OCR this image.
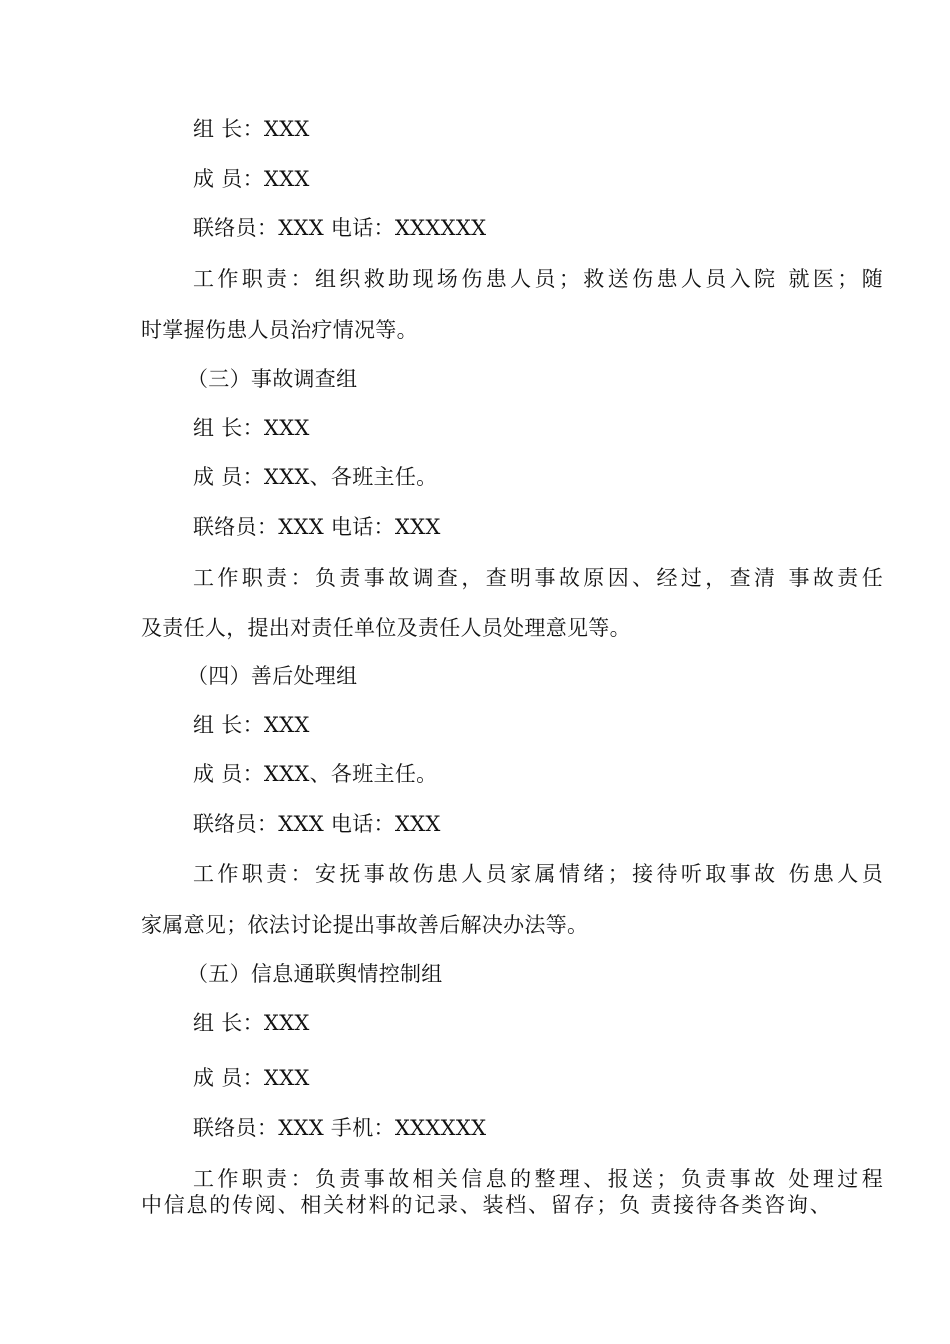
组 长：XXX
成 员：XXX
联络员：XXX 电话：XXXXXX
工作职责：组织救助现场伤患人员；救送伤患人员入院 就医；随
时掌握伤患人员治疗情况等。
（三）事故调查组
组 长：XXX
成 员：XXX、各班主任。
联络员：XXX 电话：XXX
工作职责：负责事故调查，查明事故原因、经过，查清 事故责任
及责任人，提出对责任单位及责任人员处理意见等。
（四）善后处理组
组 长：XXX
成 员：XXX、各班主任。
联络员：XXX 电话：XXX
工作职责：安抚事故伤患人员家属情绪；接待听取事故 伤患人员
家属意见；依法讨论提出事故善后解决办法等。
（五）信息通联舆情控制组
组 长：XXX
成 员：XXX
联络员：XXX 手机：XXXXXX
工作职责：负责事故相关信息的整理、报送；负责事故 处理过程
中信息的传阅、相关材料的记录、装档、留存；负 责接待各类咨询、
